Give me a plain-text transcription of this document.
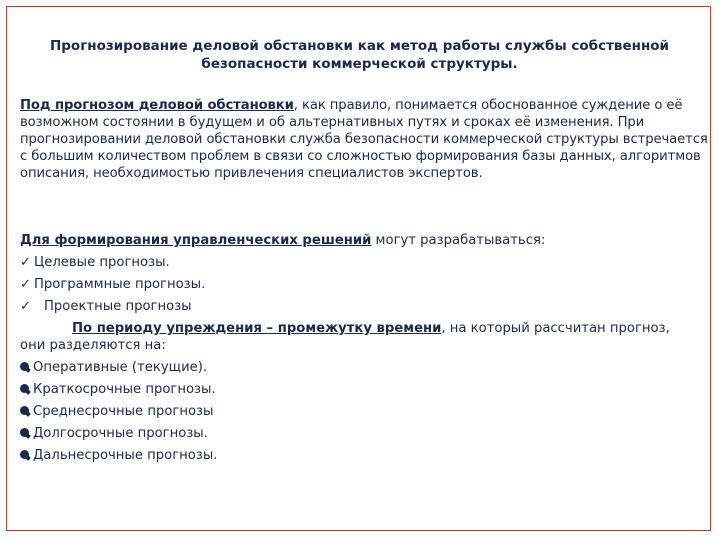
Прогнозирование деловой обстановки как метод работы службы собственной безопасности коммерческой структуры.
Под прогнозом деловой обстановки, как правило, понимается обоснованное суждение о её возможном состоянии в будущем и об альтернативных путях и сроках её изменения. При прогнозировании деловой обстановки служба безопасности коммерческой структуры встречается с большим количеством проблем в связи со сложностью формирования базы данных, алгоритмов описания, необходимостью привлечения специалистов экспертов.
Для формирования управленческих решений могут разрабатываться:
✓ Целевые прогнозы.
✓ Программные прогнозы.
✓ Проектные прогнозы
По периоду упреждения – промежутку времени, на который рассчитан прогноз,
они разделяются на:
Оперативные (текущие).
Краткосрочные прогнозы.
Среднесрочные прогнозы
Долгосрочные прогнозы.
Дальнесрочные прогнозы.
